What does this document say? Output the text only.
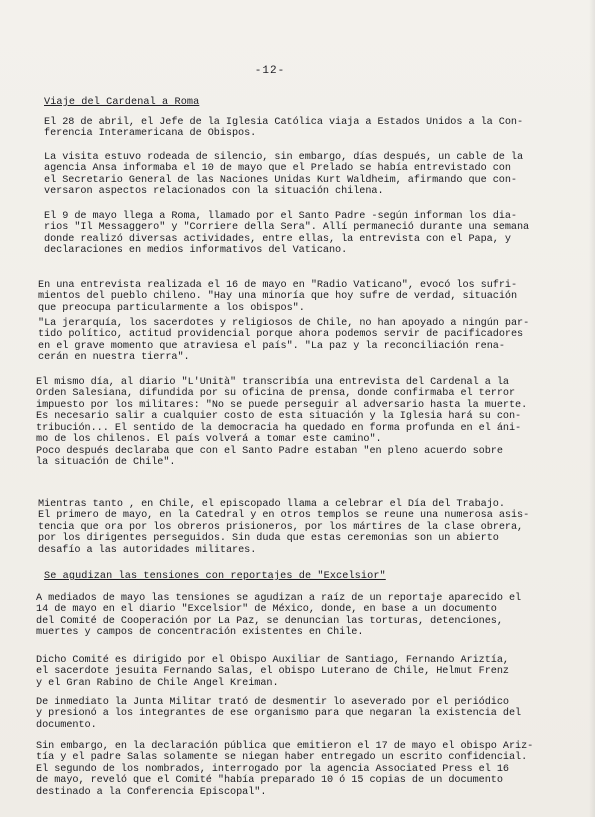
-12-
Viaje del Cardenal a Roma
El 28 de abril, el Jefe de la Iglesia Católica viaja a Estados Unidos a la Con-
ferencia Interamericana de Obispos.
La visita estuvo rodeada de silencio, sin embargo, días después, un cable de la
agencia Ansa informaba el 10 de mayo que el Prelado se había entrevistado con
el Secretario General de las Naciones Unidas Kurt Waldheim, afirmando que con-
versaron aspectos relacionados con la situación chilena.
El 9 de mayo llega a Roma, llamado por el Santo Padre -según informan los dia-
rios "Il Messaggero" y "Corriere della Sera". Allí permaneció durante una semana
donde realizó diversas actividades, entre ellas, la entrevista con el Papa, y
declaraciones en medios informativos del Vaticano.
En una entrevista realizada el 16 de mayo en "Radio Vaticano", evocó los sufri-
mientos del pueblo chileno. "Hay una minoría que hoy sufre de verdad, situación
que preocupa particularmente a los obispos".
"La jerarquía, los sacerdotes y religiosos de Chile, no han apoyado a ningún par-
tido político, actitud providencial porque ahora podemos servir de pacificadores
en el grave momento que atraviesa el país". "La paz y la reconciliación rena-
cerán en nuestra tierra".
El mismo día, al diario "L'Unità" transcribía una entrevista del Cardenal a la
Orden Salesiana, difundida por su oficina de prensa, donde confirmaba el terror
impuesto por los militares: "No se puede perseguir al adversario hasta la muerte.
Es necesario salir a cualquier costo de esta situación y la Iglesia hará su con-
tribución... El sentido de la democracia ha quedado en forma profunda en el áni-
mo de los chilenos. El país volverá a tomar este camino".
Poco después declaraba que con el Santo Padre estaban "en pleno acuerdo sobre
la situación de Chile".
Mientras tanto , en Chile, el episcopado llama a celebrar el Día del Trabajo.
El primero de mayo, en la Catedral y en otros templos se reune una numerosa asis-
tencia que ora por los obreros prisioneros, por los mártires de la clase obrera,
por los dirigentes perseguidos. Sin duda que estas ceremonias son un abierto
desafío a las autoridades militares.
Se agudizan las tensiones con reportajes de "Excelsior"
A mediados de mayo las tensiones se agudizan a raíz de un reportaje aparecido el
14 de mayo en el diario "Excelsior" de México, donde, en base a un documento
del Comité de Cooperación por La Paz, se denuncian las torturas, detenciones,
muertes y campos de concentración existentes en Chile.
Dicho Comité es dirigido por el Obispo Auxiliar de Santiago, Fernando Ariztía,
el sacerdote jesuita Fernando Salas, el obispo Luterano de Chile, Helmut Frenz
y el Gran Rabino de Chile Angel Kreiman.
De inmediato la Junta Militar trató de desmentir lo aseverado por el periódico
y presionó a los integrantes de ese organismo para que negaran la existencia del
documento.
Sin embargo, en la declaración pública que emitieron el 17 de mayo el obispo Ariz-
tía y el padre Salas solamente se niegan haber entregado un escrito confidencial.
El segundo de los nombrados, interrogado por la agencia Associated Press el 16
de mayo, reveló que el Comité "había preparado 10 ó 15 copias de un documento
destinado a la Conferencia Episcopal".
